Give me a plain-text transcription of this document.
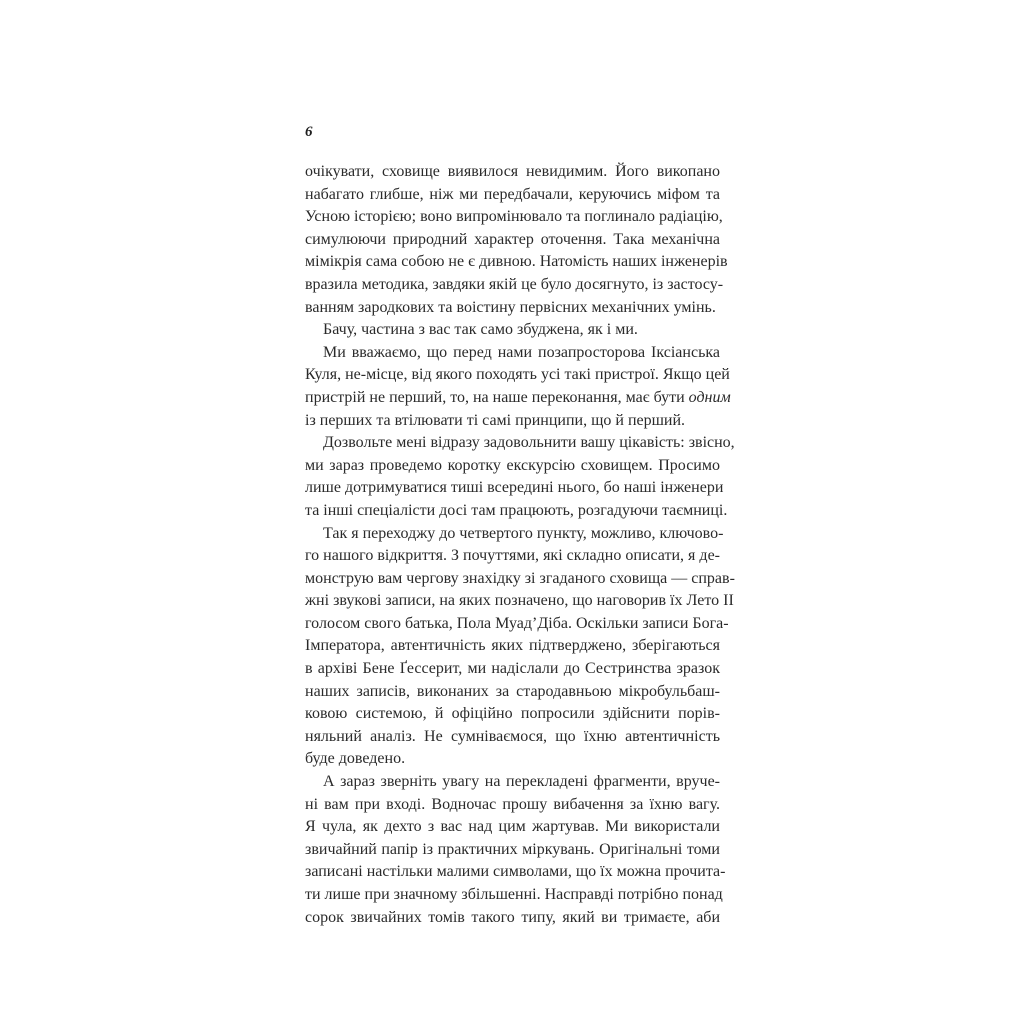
6
очікувати, сховище виявилося невидимим. Його викопано
набагато глибше, ніж ми передбачали, керуючись міфом та
Усною історією; воно випромінювало та поглинало радіацію,
симулюючи природний характер оточення. Така механічна
мімікрія сама собою не є дивною. Натомість наших інженерів
вразила методика, завдяки якій це було досягнуто, із застосу-
ванням зародкових та воістину первісних механічних умінь.
Бачу, частина з вас так само збуджена, як і ми.
Ми вважаємо, що перед нами позапросторова Іксіанська
Куля, не-місце, від якого походять усі такі пристрої. Якщо цей
пристрій не перший, то, на наше переконання, має бути одним
із перших та втілювати ті самі принципи, що й перший.
Дозвольте мені відразу задовольнити вашу цікавість: звісно,
ми зараз проведемо коротку екскурсію сховищем. Просимо
лише дотримуватися тиші всередині нього, бо наші інженери
та інші спеціалісти досі там працюють, розгадуючи таємниці.
Так я переходжу до четвертого пункту, можливо, ключово-
го нашого відкриття. З почуттями, які складно описати, я де-
монструю вам чергову знахідку зі згаданого сховища — справ-
жні звукові записи, на яких позначено, що наговорив їх Лето II
голосом свого батька, Пола Муад’Діба. Оскільки записи Бога-
Імператора, автентичність яких підтверджено, зберігаються
в архіві Бене Ґессерит, ми надіслали до Сестринства зразок
наших записів, виконаних за стародавньою мікробульбаш-
ковою системою, й офіційно попросили здійснити порів-
няльний аналіз. Не сумніваємося, що їхню автентичність
буде доведено.
А зараз зверніть увагу на перекладені фрагменти, вруче-
ні вам при вході. Водночас прошу вибачення за їхню вагу.
Я чула, як дехто з вас над цим жартував. Ми використали
звичайний папір із практичних міркувань. Оригінальні томи
записані настільки малими символами, що їх можна прочита-
ти лише при значному збільшенні. Насправді потрібно понад
сорок звичайних томів такого типу, який ви тримаєте, аби
